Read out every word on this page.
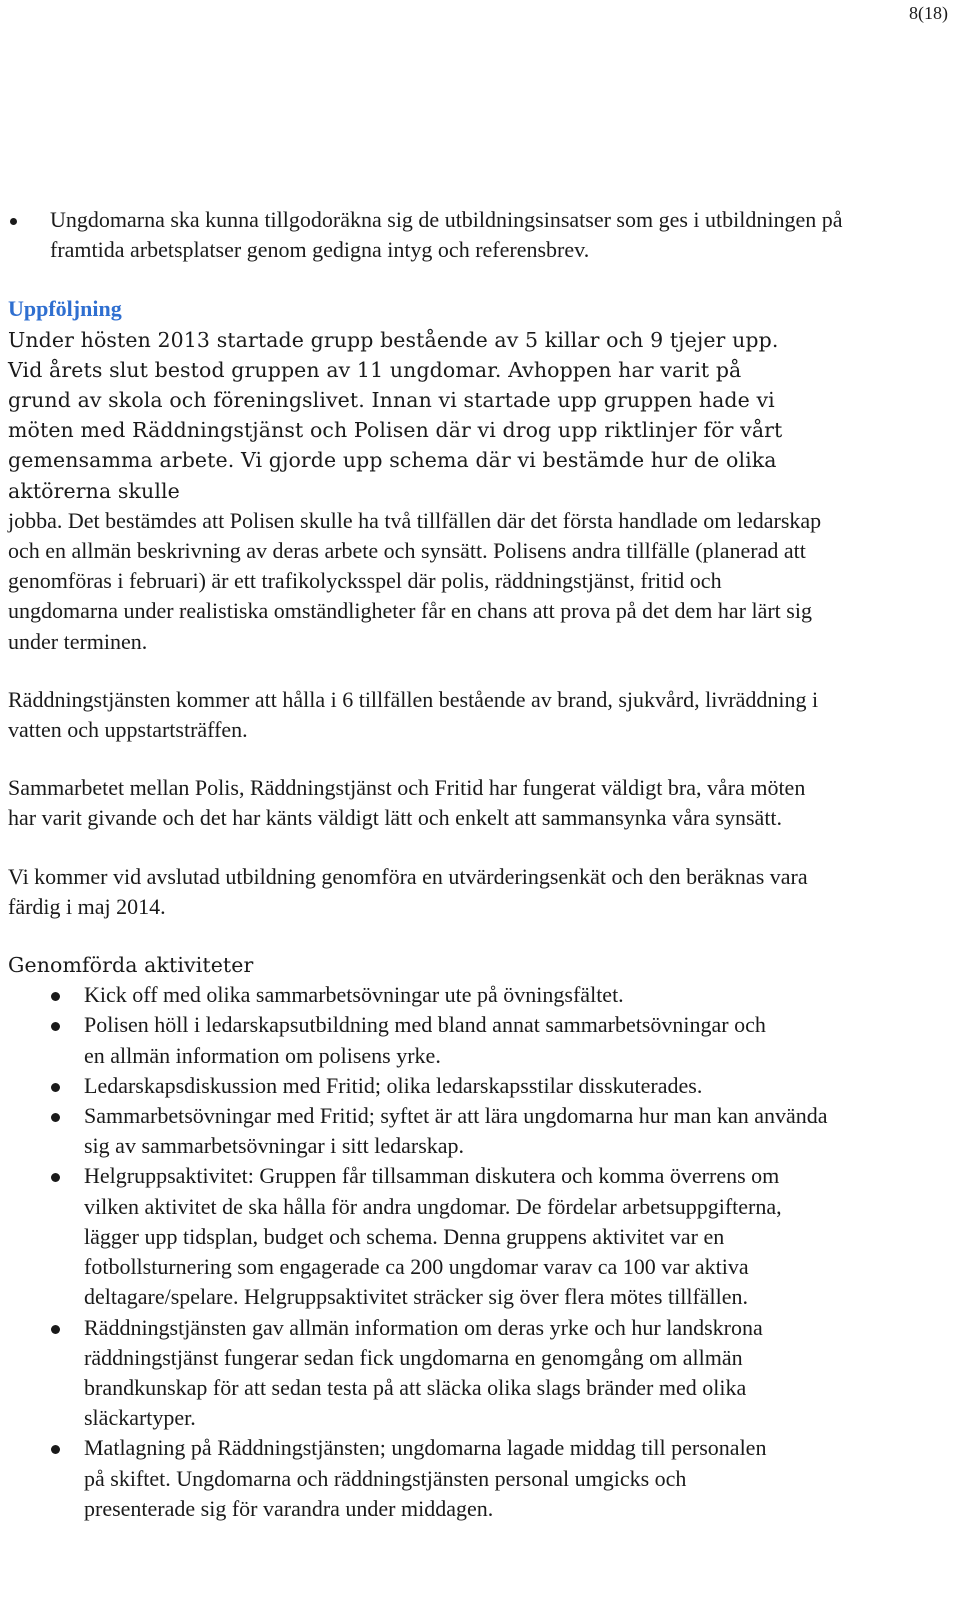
8(18)
Ungdomarna ska kunna tillgodoräkna sig de utbildningsinsatser som ges i utbildningen på framtida arbetsplatser genom gedigna intyg och referensbrev.

Uppföljning

Under hösten 2013 startade grupp bestående av 5 killar och 9 tjejer upp. Vid årets slut bestod gruppen av 11 ungdomar. Avhoppen har varit på grund av skola och föreningslivet. Innan vi startade upp gruppen hade vi möten med Räddningstjänst och Polisen där vi drog upp riktlinjer för vårt gemensamma arbete. Vi gjorde upp schema där vi bestämde hur de olika aktörerna skulle

jobba. Det bestämdes att Polisen skulle ha två tillfällen där det första handlade om ledarskap och en allmän beskrivning av deras arbete och synsätt. Polisens andra tillfälle (planerad att genomföras i februari) är ett trafikolycksspel där polis, räddningstjänst, fritid och ungdomarna under realistiska omständligheter får en chans att prova på det dem har lärt sig under terminen.

Räddningstjänsten kommer att hålla i 6 tillfällen bestående av brand, sjukvård, livräddning i vatten och uppstartsträffen.

Sammarbetet mellan Polis, Räddningstjänst och Fritid har fungerat väldigt bra, våra möten har varit givande och det har känts väldigt lätt och enkelt att sammansynka våra synsätt.

Vi kommer vid avslutad utbildning genomföra en utvärderingsenkät och den beräknas vara färdig i maj 2014.

Genomförda aktiviteter

Kick off med olika sammarbetsövningar ute på övningsfältet.
Polisen höll i ledarskapsutbildning med bland annat sammarbetsövningar och en allmän information om polisens yrke.
Ledarskapsdiskussion med Fritid; olika ledarskapsstilar disskuterades.
Sammarbetsövningar med Fritid; syftet är att lära ungdomarna hur man kan använda sig av sammarbetsövningar i sitt ledarskap.
Helgruppsaktivitet: Gruppen får tillsamman diskutera och komma överrens om vilken aktivitet de ska hålla för andra ungdomar. De fördelar arbetsuppgifterna, lägger upp tidsplan, budget och schema. Denna gruppens aktivitet var en fotbollsturnering som engagerade ca 200 ungdomar varav ca 100 var aktiva deltagare/spelare. Helgruppsaktivitet sträcker sig över flera mötes tillfällen.
Räddningstjänsten gav allmän information om deras yrke och hur landskrona räddningstjänst fungerar sedan fick ungdomarna en genomgång om allmän brandkunskap för att sedan testa på att släcka olika slags bränder med olika släckartyper.
Matlagning på Räddningstjänsten; ungdomarna lagade middag till personalen på skiftet. Ungdomarna och räddningstjänsten personal umgicks och presenterade sig för varandra under middagen.
